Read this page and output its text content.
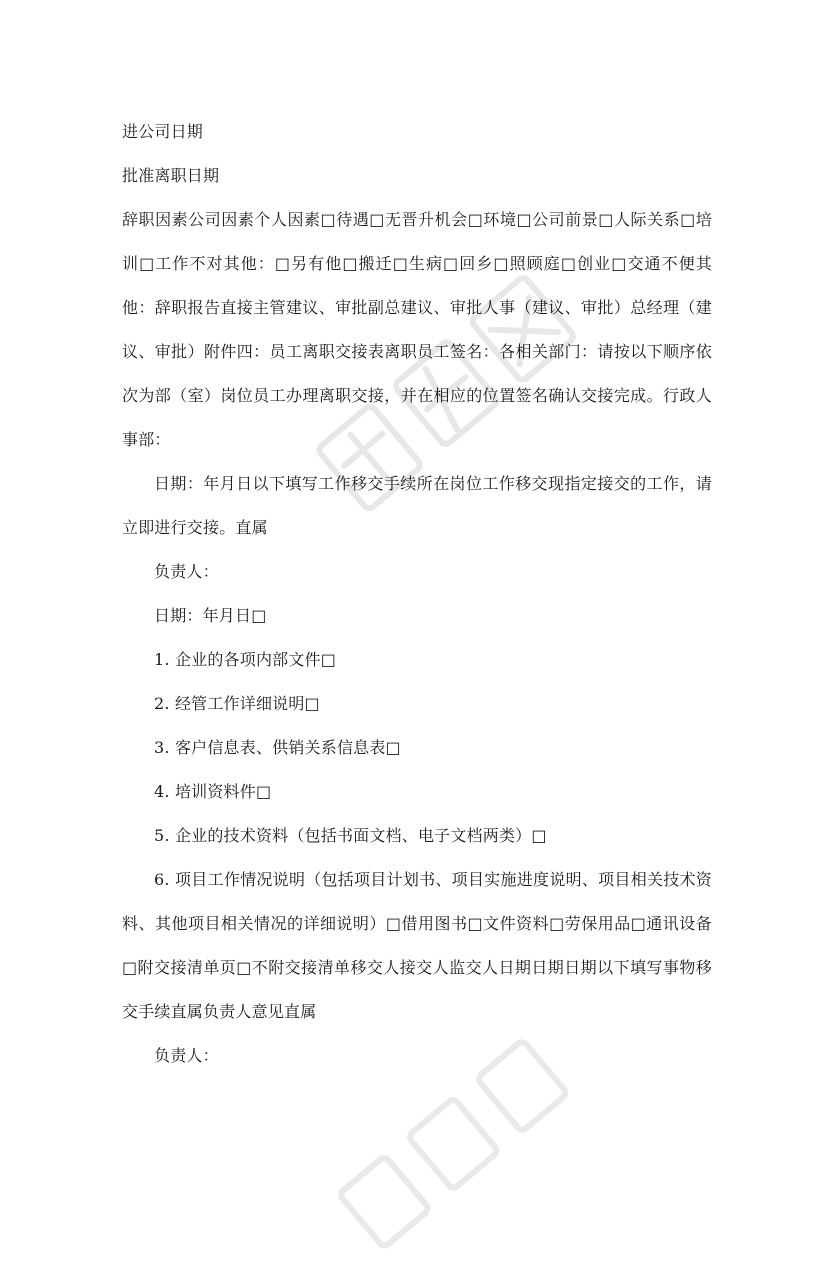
进公司日期

批准离职日期

辞职因素公司因素个人因素□待遇□无晋升机会□环境□公司前景□人际关系□培训□工作不对其他：□另有他□搬迁□生病□回乡□照顾庭□创业□交通不便其他：辞职报告直接主管建议、审批副总建议、审批人事（建议、审批）总经理（建议、审批）附件四：员工离职交接表离职员工签名：各相关部门：请按以下顺序依次为部（室）岗位员工办理离职交接，并在相应的位置签名确认交接完成。行政人事部：

日期：年月日以下填写工作移交手续所在岗位工作移交现指定接交的工作，请立即进行交接。直属

负责人：

日期：年月日□

1. 企业的各项内部文件□

2. 经管工作详细说明□

3. 客户信息表、供销关系信息表□

4. 培训资料件□

5. 企业的技术资料（包括书面文档、电子文档两类）□

6. 项目工作情况说明（包括项目计划书、项目实施进度说明、项目相关技术资料、其他项目相关情况的详细说明）□借用图书□文件资料□劳保用品□通讯设备□附交接清单页□不附交接清单移交人接交人监交人日期日期日期以下填写事物移交手续直属负责人意见直属

负责人：
